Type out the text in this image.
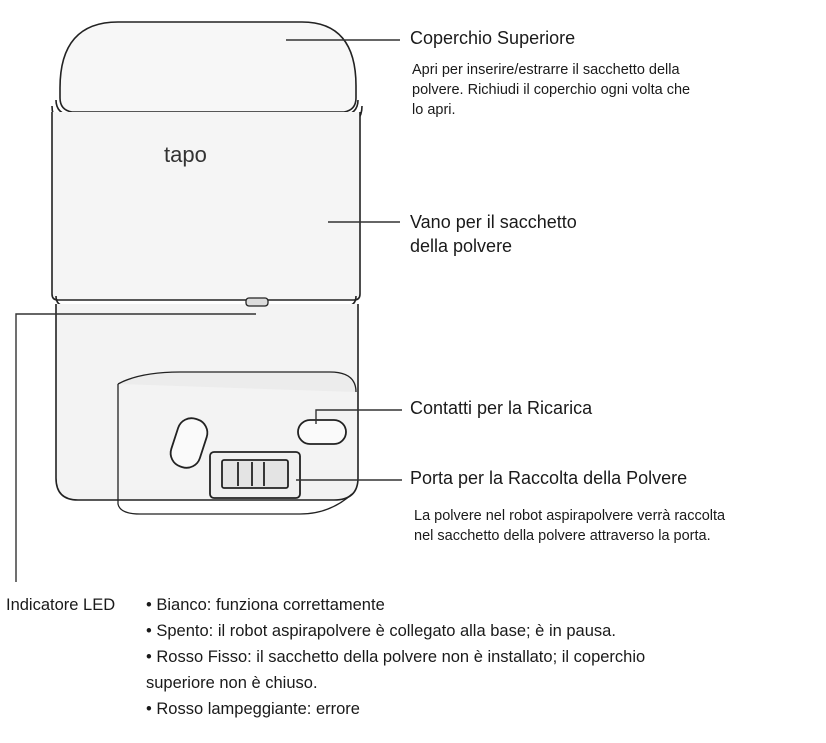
tapo
Coperchio Superiore
Apri per inserire/estrarre il sacchetto della
polvere. Richiudi il coperchio ogni volta che
lo apri.
Vano per il sacchetto
della polvere
Contatti per la Ricarica
Porta per la Raccolta della Polvere
La polvere nel robot aspirapolvere verrà raccolta
nel sacchetto della polvere attraverso la porta.
Indicatore LED • Bianco: funziona correttamente
• Spento: il robot aspirapolvere è collegato alla base; è in pausa.
• Rosso Fisso: il sacchetto della polvere non è installato; il coperchio
superiore non è chiuso.
• Rosso lampeggiante: errore
